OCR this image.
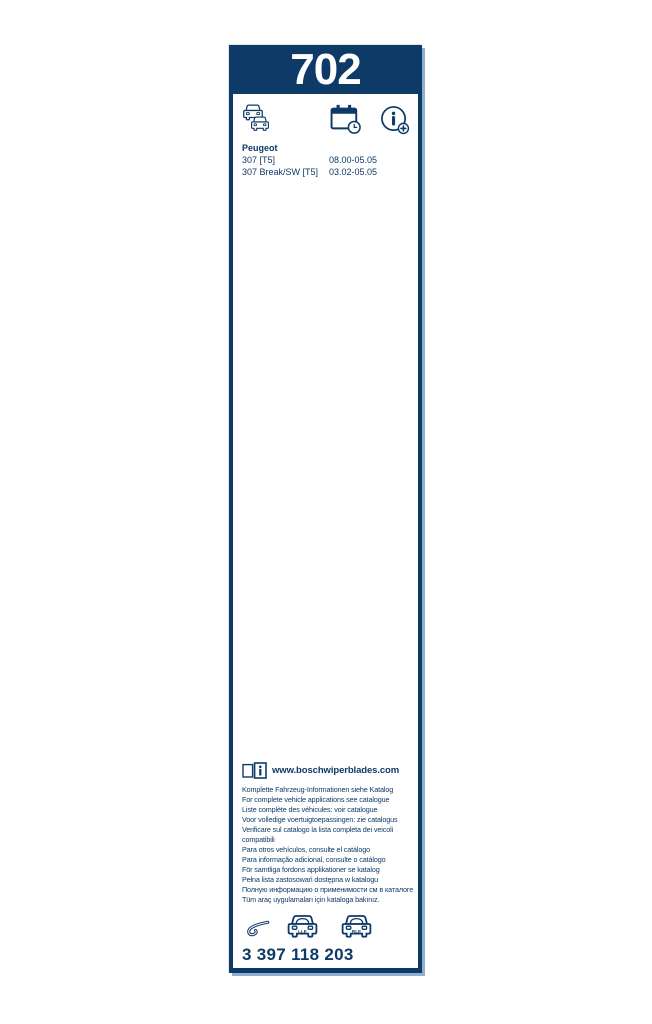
702
Peugeot
307 [T5]	08.00-05.05
307 Break/SW [T5]	03.02-05.05
www.boschwiperblades.com
Komplette Fahrzeug-Informationen siehe Katalog
For complete vehicle applications see catalogue
Liste complète des véhicules: voir catalogue
Voor volledige voertuigtoepassingen: zie catalogus
Verificare sul catalogo la lista completa dei veicoli
compatibili
Para otros vehículos, consulte el catálogo
Para informação adicional, consulte o catálogo
För samtliga fordons applikationer se katalog
Pełna lista zastosowań dostępna w katalogu
Полную информацию о применимости см в каталоге
Tüm araç uygulamaları için kataloga bakınız.
LLE	RLE
3 397 118 203
